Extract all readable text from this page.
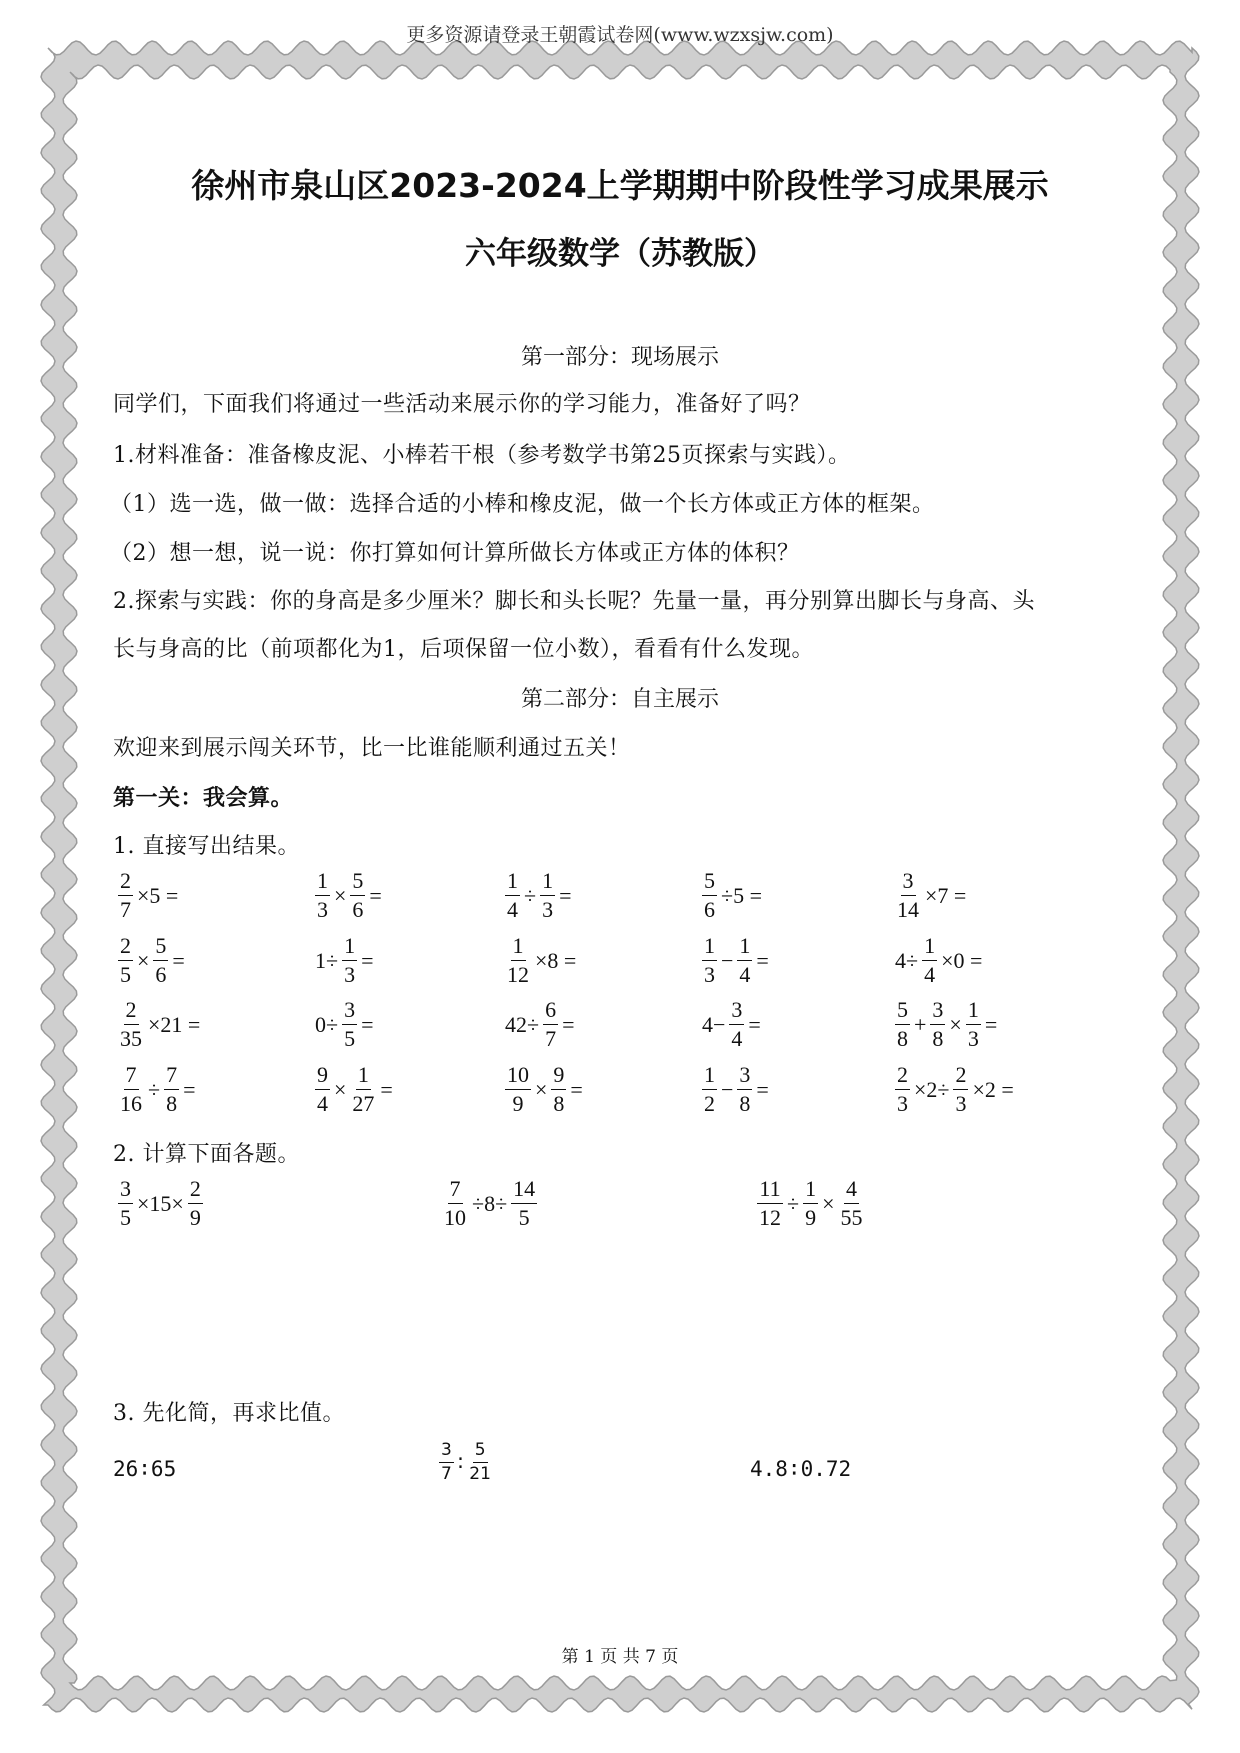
更多资源请登录王朝霞试卷网(www.wzxsjw.com)
徐州市泉山区2023-2024上学期期中阶段性学习成果展示
六年级数学（苏教版）
第一部分：现场展示
同学们，下面我们将通过一些活动来展示你的学习能力，准备好了吗？
1.材料准备：准备橡皮泥、小棒若干根（参考数学书第25页探索与实践）。
（1）选一选，做一做：选择合适的小棒和橡皮泥，做一个长方体或正方体的框架。
（2）想一想，说一说：你打算如何计算所做长方体或正方体的体积？
2.探索与实践：你的身高是多少厘米？脚长和头长呢？先量一量，再分别算出脚长与身高、头
长与身高的比（前项都化为1，后项保留一位小数），看看有什么发现。
第二部分：自主展示
欢迎来到展示闯关环节，比一比谁能顺利通过五关！
第一关：我会算。
1. 直接写出结果。
$\frac{2}{7} \times 5$ =	$\frac{1}{3} \times \frac{5}{6}$ =	$\frac{1}{4} \div \frac{1}{3}$ =	$\frac{5}{6} \div 5$ =	$\frac{3}{14} \times 7$ =
$\frac{2}{5} \times \frac{5}{6}$ =	$1\div \frac{1}{3}$ =	$\frac{1}{12} \times 8$ =	$\frac{1}{3} - \frac{1}{4}$ =	$4\div \frac{1}{4} \times 0$ =
$\frac{2}{35} \times 21$ =	$0\div \frac{3}{5}$ =	$42\div \frac{6}{7}$ =	$4- \frac{3}{4}$ =	$\frac{5}{8} + \frac{3}{8} \times \frac{1}{3}$ =
$\frac{7}{16} \div \frac{7}{8}$ =	$\frac{9}{4} \times \frac{1}{27}$ =	$\frac{10}{9} \times \frac{9}{8}$ =	$\frac{1}{2} - \frac{3}{8}$ =	$\frac{2}{3} \times 2\div \frac{2}{3} \times 2$ =
2. 计算下面各题。
$\frac{3}{5} \times 15\times \frac{2}{9}$	$\frac{7}{10} \div 8\div \frac{14}{5}$	$\frac{11}{12} \div \frac{1}{9} \times \frac{4}{55}$
3. 先化简，再求比值。
26∶65	$\frac{3}{7}$ ∶ $\frac{5}{21}$	4.8∶0.72
第 1 页 共 7 页
